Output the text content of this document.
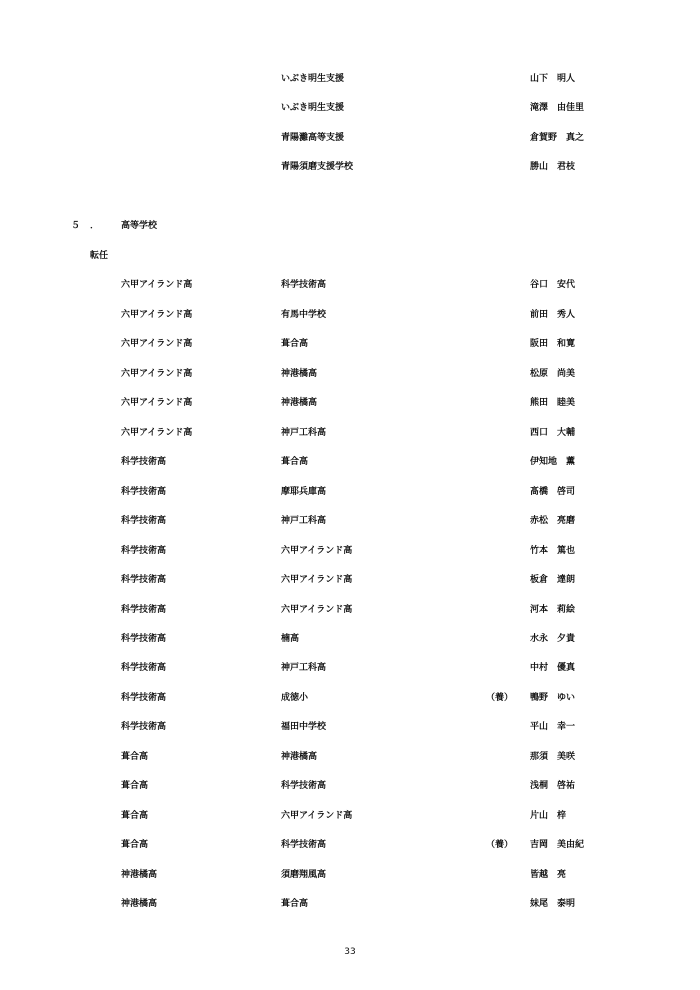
いぶき明生支援	山下　明人
いぶき明生支援	滝澤　由佳里
青陽灘高等支援	倉賀野　真之
青陽須磨支援学校	勝山　君枝
５ ． 高等学校
転任
六甲アイランド高	科学技術高	谷口　安代
六甲アイランド高	有馬中学校	前田　秀人
六甲アイランド高	葺合高	阪田　和寛
六甲アイランド高	神港橘高	松原　尚美
六甲アイランド高	神港橘高	熊田　睦美
六甲アイランド高	神戸工科高	西口　大輔
科学技術高	葺合高	伊知地　薫
科学技術高	摩耶兵庫高	髙橋　啓司
科学技術高	神戸工科高	赤松　亮磨
科学技術高	六甲アイランド高	竹本　篤也
科学技術高	六甲アイランド高	板倉　達朗
科学技術高	六甲アイランド高	河本　莉絵
科学技術高	楠高	水永　夕貴
科学技術高	神戸工科高	中村　優真
科学技術高	成徳小	（養） 鴨野　ゆい
科学技術高	福田中学校	平山　幸一
葺合高	神港橘高	那須　美咲
葺合高	科学技術高	浅桐　啓祐
葺合高	六甲アイランド高	片山　梓
葺合高	科学技術高	（養） 吉岡　美由紀
神港橘高	須磨翔風高	皆越　亮
神港橘高	葺合高	妹尾　泰明
33
